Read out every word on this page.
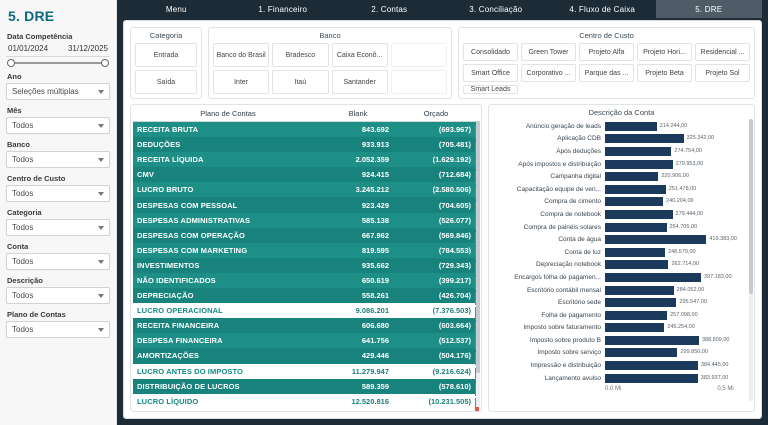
5. DRE
Data Competência
01/01/2024 31/12/2025
Ano
Seleções múltiplas
Mês
Todos
Banco
Todos
Centro de Custo
Todos
Categoria
Todos
Conta
Todos
Descrição
Todos
Plano de Contas
Todos
Menu	1. Financeiro	2. Contas	3. Conciliação	4. Fluxo de Caixa	5. DRE
Categoria
Entrada
Saída
Banco
Banco do Brasil	Bradesco	Caixa Econô...
Inter	Itaú	Santander
Centro de Custo
Consolidado	Green Tower	Projeto Alfa	Projeto Hori...	Residencial ...
Smart Office	Corporativo ...	Parque das ...	Projeto Beta	Projeto Sol
Smart Leads
Plano de Contas	Blank	Orçado
RECEITA BRUTA	843.692	(693.967)
DEDUÇÕES	933.913	(705.481)
RECEITA LÍQUIDA	2.052.359	(1.629.192)
CMV	924.415	(712.684)
LUCRO BRUTO	3.245.212	(2.580.506)
DESPESAS COM PESSOAL	923.429	(704.605)
DESPESAS ADMINISTRATIVAS	585.138	(526.077)
DESPESAS COM OPERAÇÃO	667.962	(569.846)
DESPESAS COM MARKETING	819.595	(784.553)
INVESTIMENTOS	935.662	(729.343)
NÃO IDENTIFICADOS	650.619	(399.217)
DEPRECIAÇÃO	558.261	(426.704)
LUCRO OPERACIONAL	9.086.201	(7.376.503)
RECEITA FINANCEIRA	606.680	(603.664)
DESPESA FINANCEIRA	641.756	(512.537)
AMORTIZAÇÕES	429.446	(504.176)
LUCRO ANTES DO IMPOSTO	11.279.947	(9.216.624)
DISTRIBUIÇÃO DE LUCROS	589.359	(578.610)
LUCRO LÍQUIDO	12.520.816	(10.231.505)
Descrição da Conta
Anúncio geração de leads	214.244,00
Aplicação CDB	325.342,00
Após deduções	274.754,00
Após impostos e distribuição	279.953,00
Campanha digital	220.906,00
Capacitação equipe de ven...	251.478,00
Compra de cimento	240.204,00
Compra de notebook	279.444,00
Compra de painéis solares	254.705,00
Conta de água	419.383,00
Conta de luz	248.579,00
Depreciação notebook	262.714,00
Encargos folha de pagamen...	397.183,00
Escritório contábil mensal	284.052,00
Escritório sede	295.547,00
Folha de pagamento	257.098,00
Imposto sobre faturamento	245.254,00
Imposto sobre produto B	388.809,00
Imposto sobre serviço	299.850,00
Impressão e distribuição	384.445,00
Lançamento avulso	383.937,00
0,0 Mi	0,5 Mi
